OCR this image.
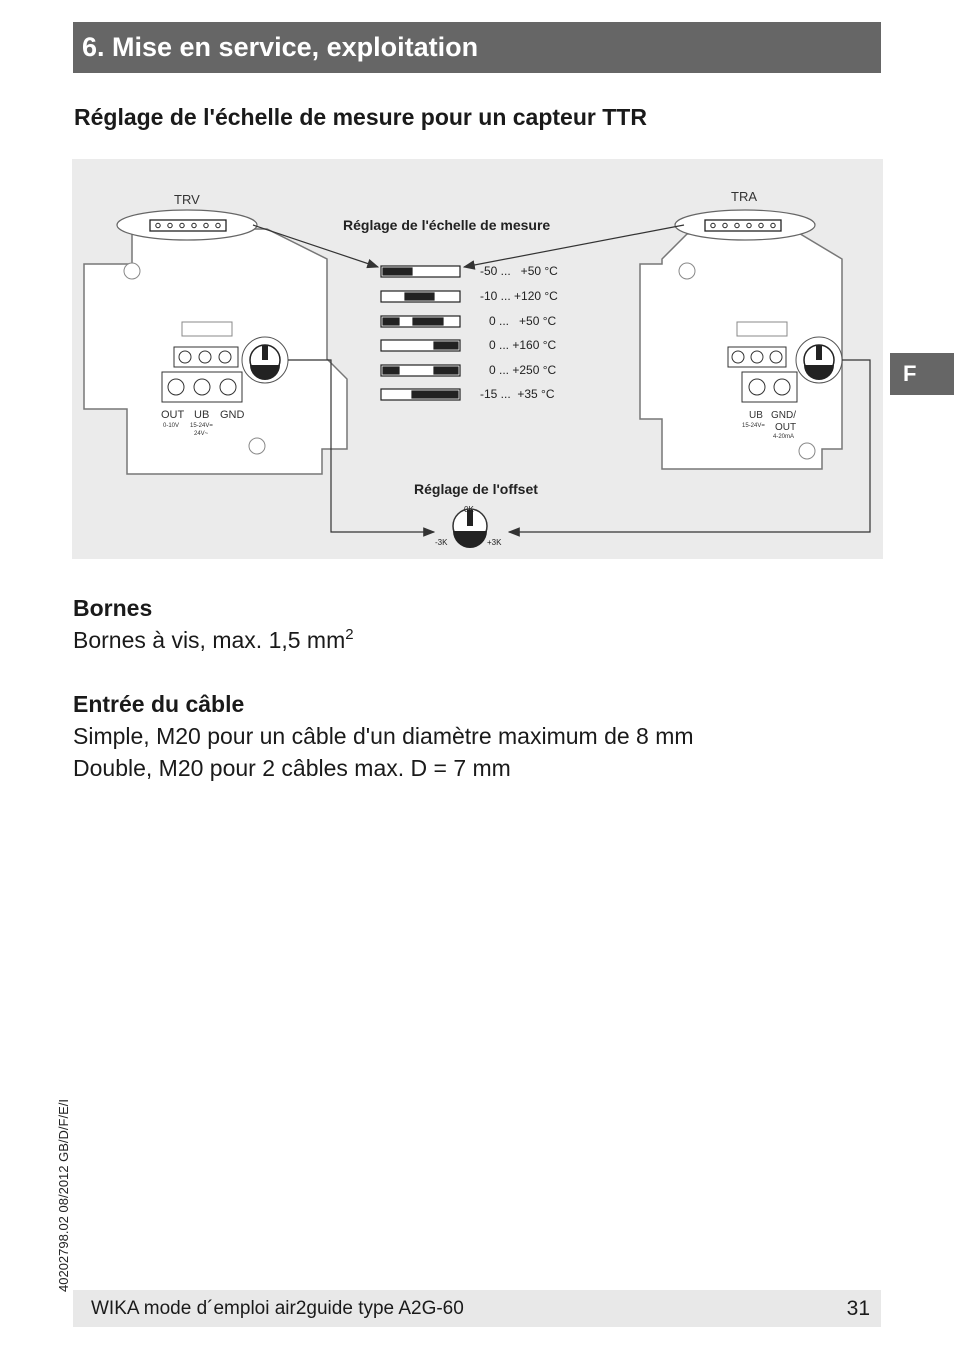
6. Mise en service, exploitation
Réglage de l'échelle de mesure pour un capteur TTR
OUT UB GND
0-10V 15-24V=
24V~
TRV
UB GND/
OUT
15-24V=
4-20mA
TRA
Réglage de l'échelle de mesure
-50 ...   +50 °C
-10 ... +120 °C
0 ...   +50 °C
0 ... +160 °C
0 ... +250 °C
-15 ...  +35 °C
Réglage de l'offset
0K
-3K	+3K
F
Bornes
Bornes à vis, max. 1,5 $mm^2$
Entrée du câble
Simple, M20 pour un câble d'un diamètre maximum de 8 mm
Double, M20 pour 2 câbles max. D = 7 mm
40202798.02 08/2012 GB/D/F/E/I
WIKA mode d´emploi air2guide type A2G-60	31
